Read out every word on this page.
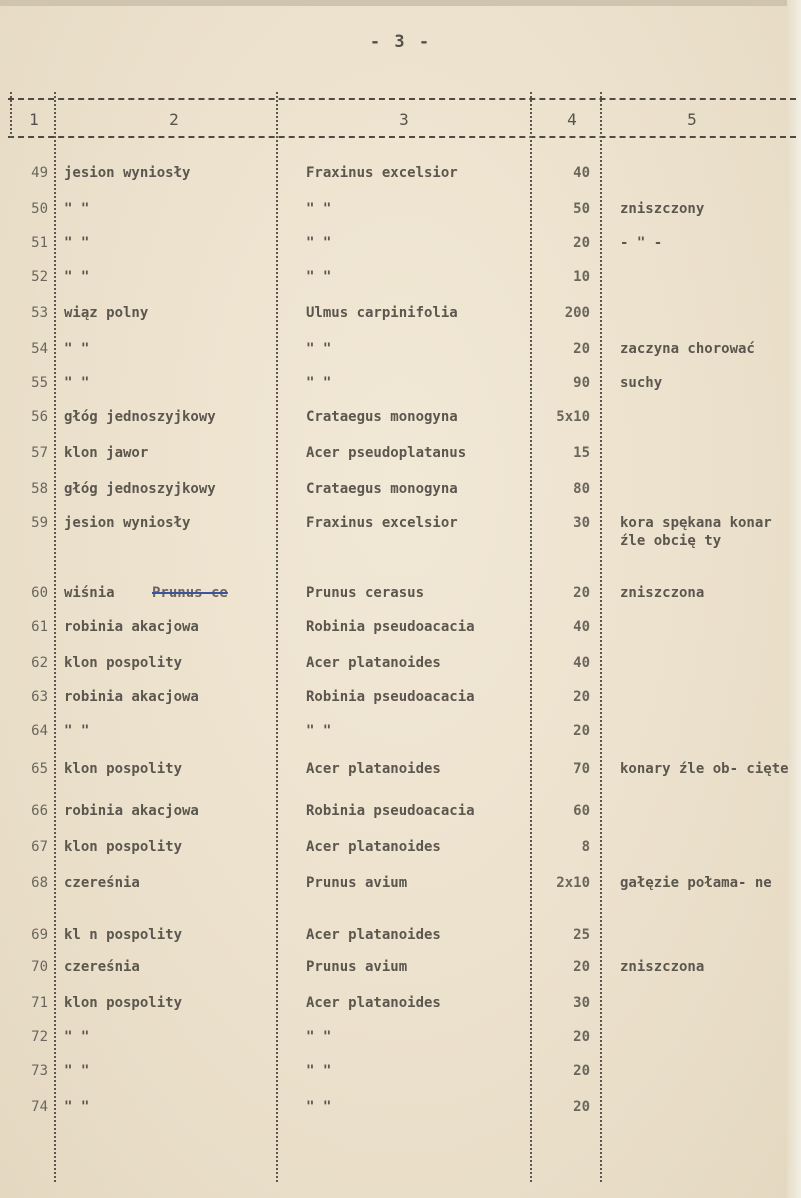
- 3 -
1	2	3	4	5
49 jesion wyniosły	Fraxinus excelsior	40
50 " "	" "	50 zniszczony
51 " "	" "	20 - " -
52 " "	" "	10
53 wiąz polny	Ulmus carpinifolia	200
54 " "	" "	20 zaczyna chorować
55 " "	" "	90 suchy
56 głóg jednoszyjkowy	Crataegus monogyna	5x10
57 klon jawor	Acer pseudoplatanus	15
58 głóg jednoszyjkowy	Crataegus monogyna	80
59 jesion wyniosły	Fraxinus excelsior	30 kora spękana konar źle obcię ty
60 wiśnia	Prunus ce	Prunus cerasus	20 zniszczona
61 robinia akacjowa	Robinia pseudoacacia	40
62 klon pospolity	Acer platanoides	40
63 robinia akacjowa	Robinia pseudoacacia	20
64 " "	" "	20
65 klon pospolity	Acer platanoides	70 konary źle ob- cięte
66 robinia akacjowa	Robinia pseudoacacia	60
67 klon pospolity	Acer platanoides	8
68 czereśnia	Prunus avium	2x10 gałęzie połama- ne
69 kl n pospolity	Acer platanoides	25
70 czereśnia	Prunus avium	20 zniszczona
71 klon pospolity	Acer platanoides	30
72 " "	" "	20
73 " "	" "	20
74 " "	" "	20
